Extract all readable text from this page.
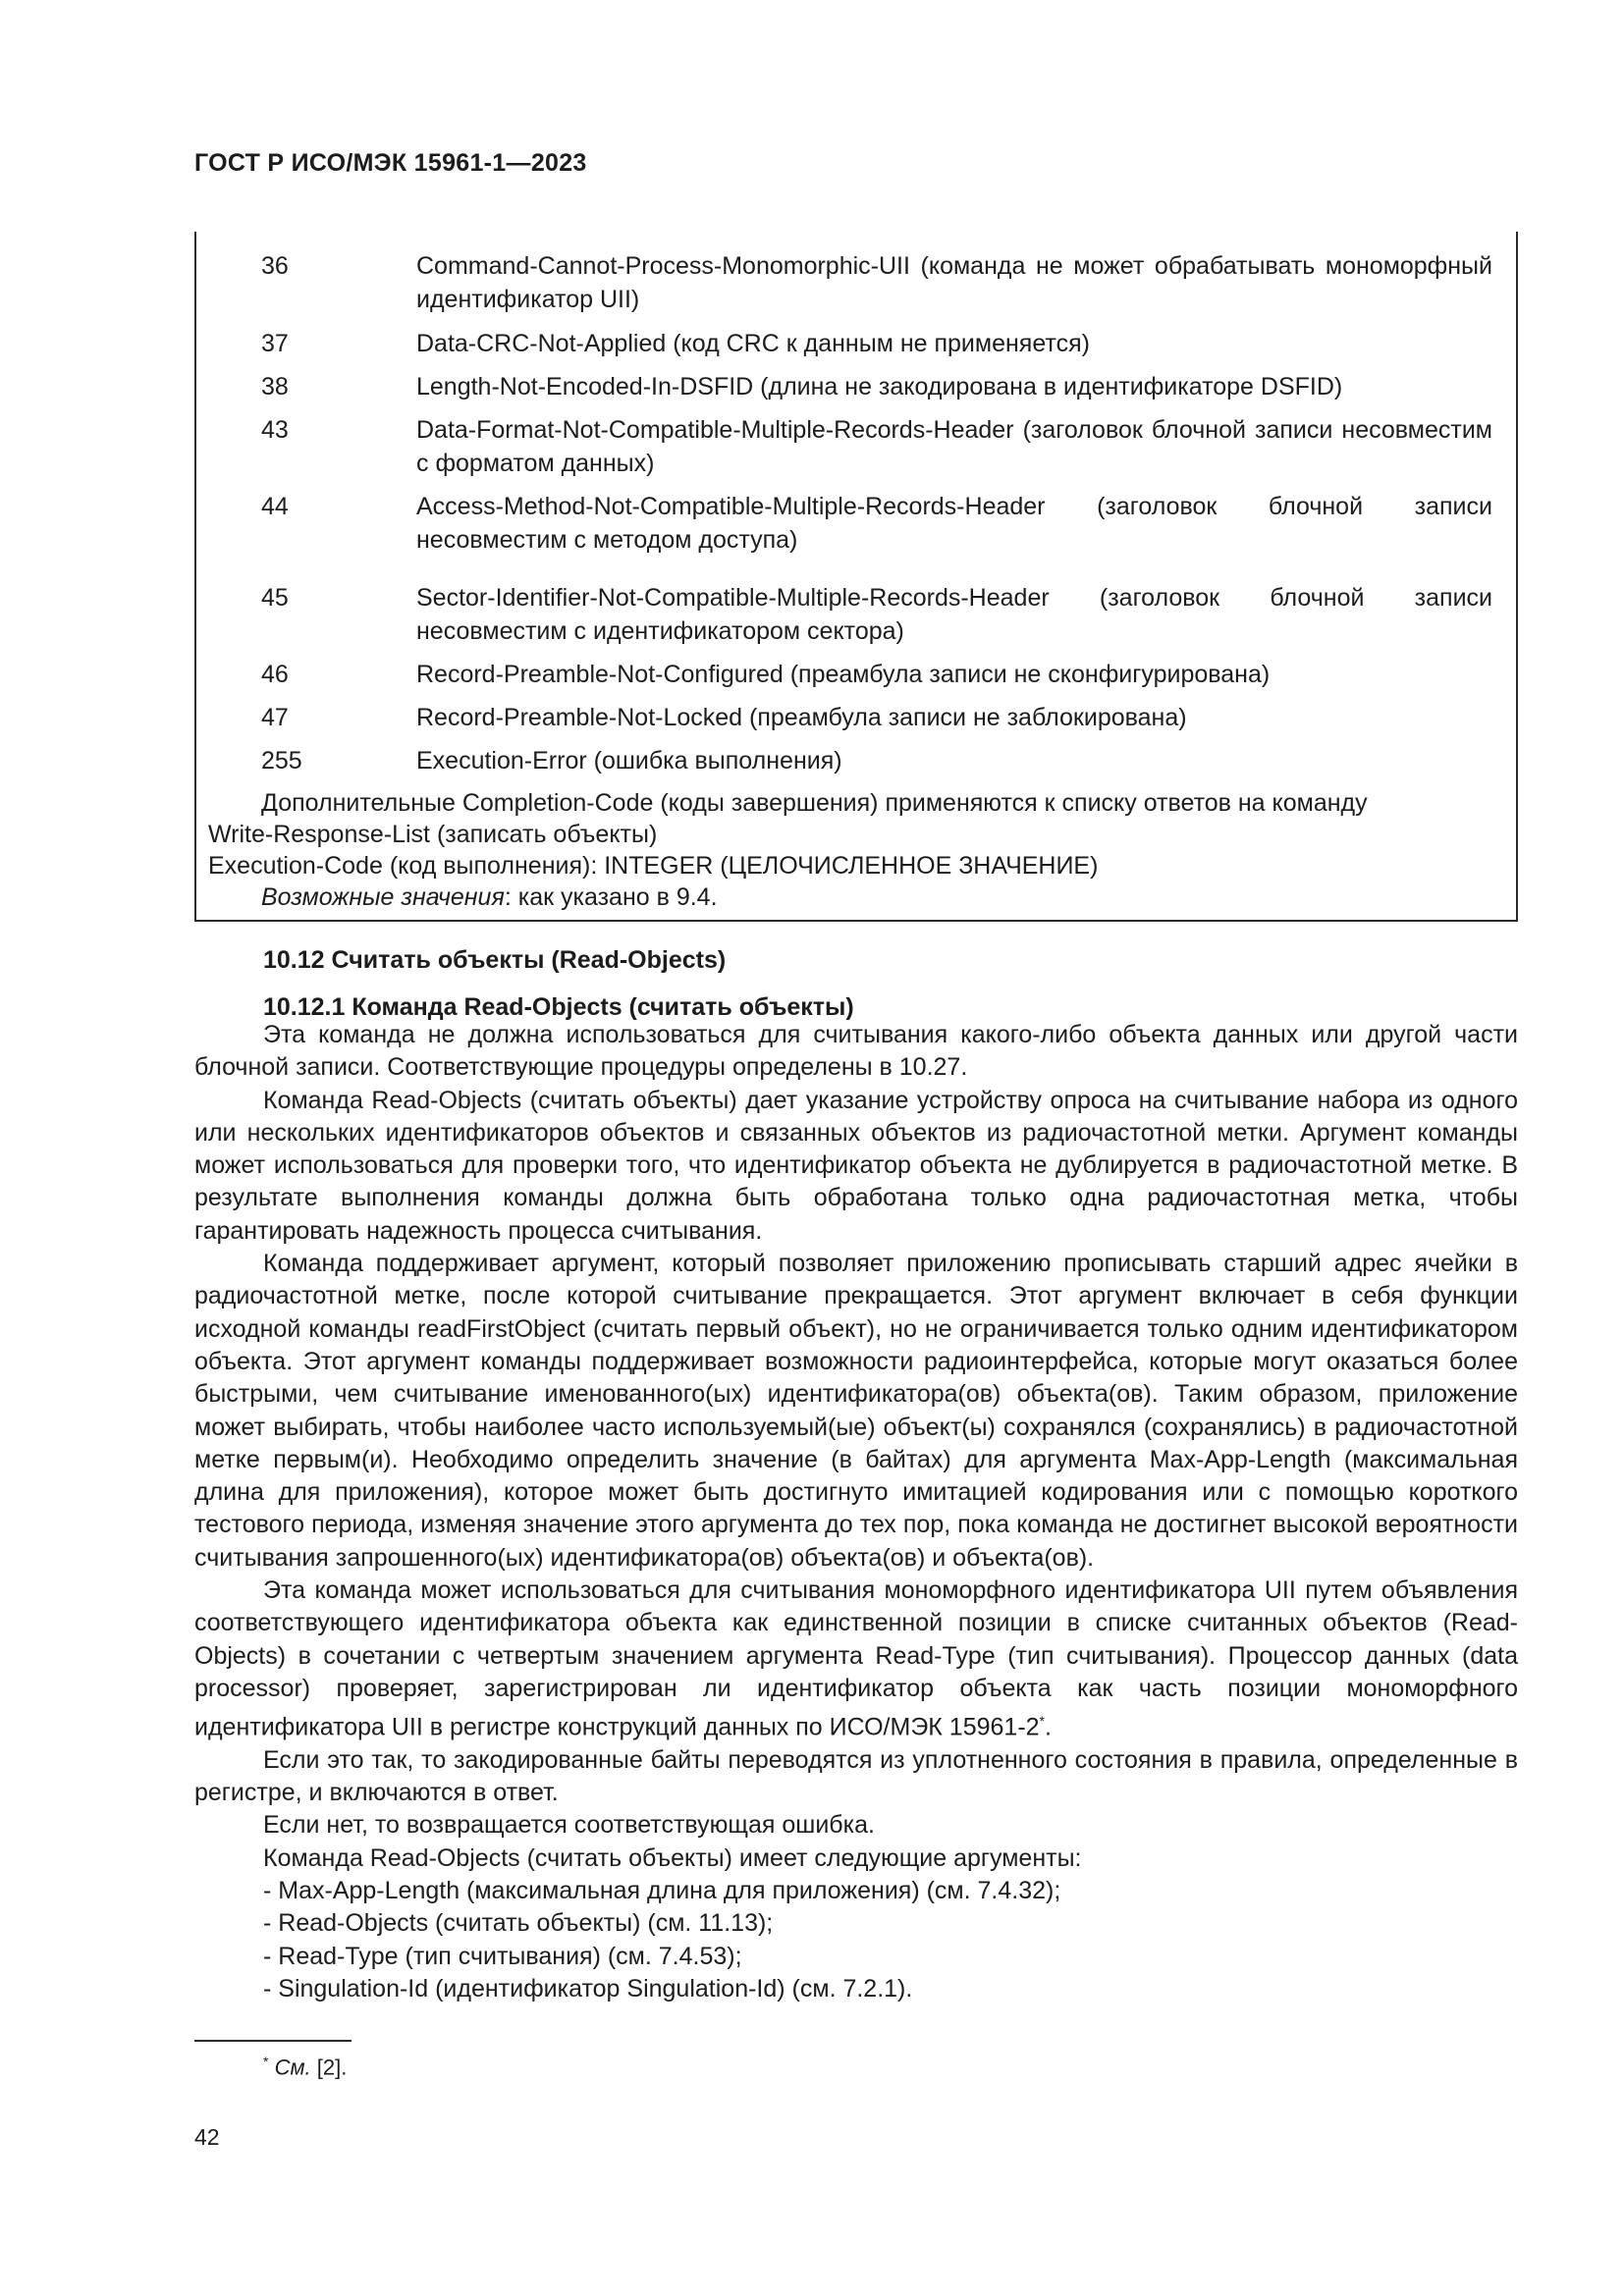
ГОСТ Р ИСО/МЭК 15961-1—2023
36	Command-Cannot-Process-Monomorphic-UII (команда не может обрабатывать мономорфный идентификатор UII)
37	Data-CRC-Not-Applied (код CRC к данным не применяется)
38	Length-Not-Encoded-In-DSFID (длина не закодирована в идентификаторе DSFID)
43	Data-Format-Not-Compatible-Multiple-Records-Header (заголовок блочной записи несовместим с форматом данных)
44	Access-Method-Not-Compatible-Multiple-Records-Header (заголовок блочной записи несовместим с методом доступа)
45	Sector-Identifier-Not-Compatible-Multiple-Records-Header (заголовок блочной записи несовместим с идентификатором сектора)
46	Record-Preamble-Not-Configured (преамбула записи не сконфигурирована)
47	Record-Preamble-Not-Locked (преамбула записи не заблокирована)
255	Execution-Error (ошибка выполнения)
Дополнительные Completion-Code (коды завершения) применяются к списку ответов на команду
Write-Response-List (записать объекты)
Execution-Code (код выполнения): INTEGER (ЦЕЛОЧИСЛЕННОЕ ЗНАЧЕНИЕ)
Возможные значения: как указано в 9.4.
10.12 Считать объекты (Read-Objects)
10.12.1 Команда Read-Objects (считать объекты)

Эта команда не должна использоваться для считывания какого-либо объекта данных или другой части блочной записи. Соответствующие процедуры определены в 10.27.

Команда Read-Objects (считать объекты) дает указание устройству опроса на считывание набора из одного или нескольких идентификаторов объектов и связанных объектов из радиочастотной метки. Аргумент команды может использоваться для проверки того, что идентификатор объекта не дублируется в радиочастотной метке. В результате выполнения команды должна быть обработана только одна радиочастотная метка, чтобы гарантировать надежность процесса считывания.

Команда поддерживает аргумент, который позволяет приложению прописывать старший адрес ячейки в радиочастотной метке, после которой считывание прекращается. Этот аргумент включает в себя функции исходной команды readFirstObject (считать первый объект), но не ограничивается только одним идентификатором объекта. Этот аргумент команды поддерживает возможности радиоинтерфейса, которые могут оказаться более быстрыми, чем считывание именованного(ых) идентификатора(ов) объекта(ов). Таким образом, приложение может выбирать, чтобы наиболее часто используемый(ые) объект(ы) сохранялся (сохранялись) в радиочастотной метке первым(и). Необходимо определить значение (в байтах) для аргумента Max-App-Length (максимальная длина для приложения), которое может быть достигнуто имитацией кодирования или с помощью короткого тестового периода, изменяя значение этого аргумента до тех пор, пока команда не достигнет высокой вероятности считывания запрошенного(ых) идентификатора(ов) объекта(ов) и объекта(ов).

Эта команда может использоваться для считывания мономорфного идентификатора UII путем объявления соответствующего идентификатора объекта как единственной позиции в списке считанных объектов (Read-Objects) в сочетании с четвертым значением аргумента Read-Type (тип считывания). Процессор данных (data processor) проверяет, зарегистрирован ли идентификатор объекта как часть позиции мономорфного идентификатора UII в регистре конструкций данных по ИСО/МЭК 15961-2*.

Если это так, то закодированные байты переводятся из уплотненного состояния в правила, определенные в регистре, и включаются в ответ.

Если нет, то возвращается соответствующая ошибка.

Команда Read-Objects (считать объекты) имеет следующие аргументы:

- Max-App-Length (максимальная длина для приложения) (см. 7.4.32);

- Read-Objects (считать объекты) (см. 11.13);

- Read-Type (тип считывания) (см. 7.4.53);

- Singulation-Id (идентификатор Singulation-Id) (см. 7.2.1).

* См. [2].
42
